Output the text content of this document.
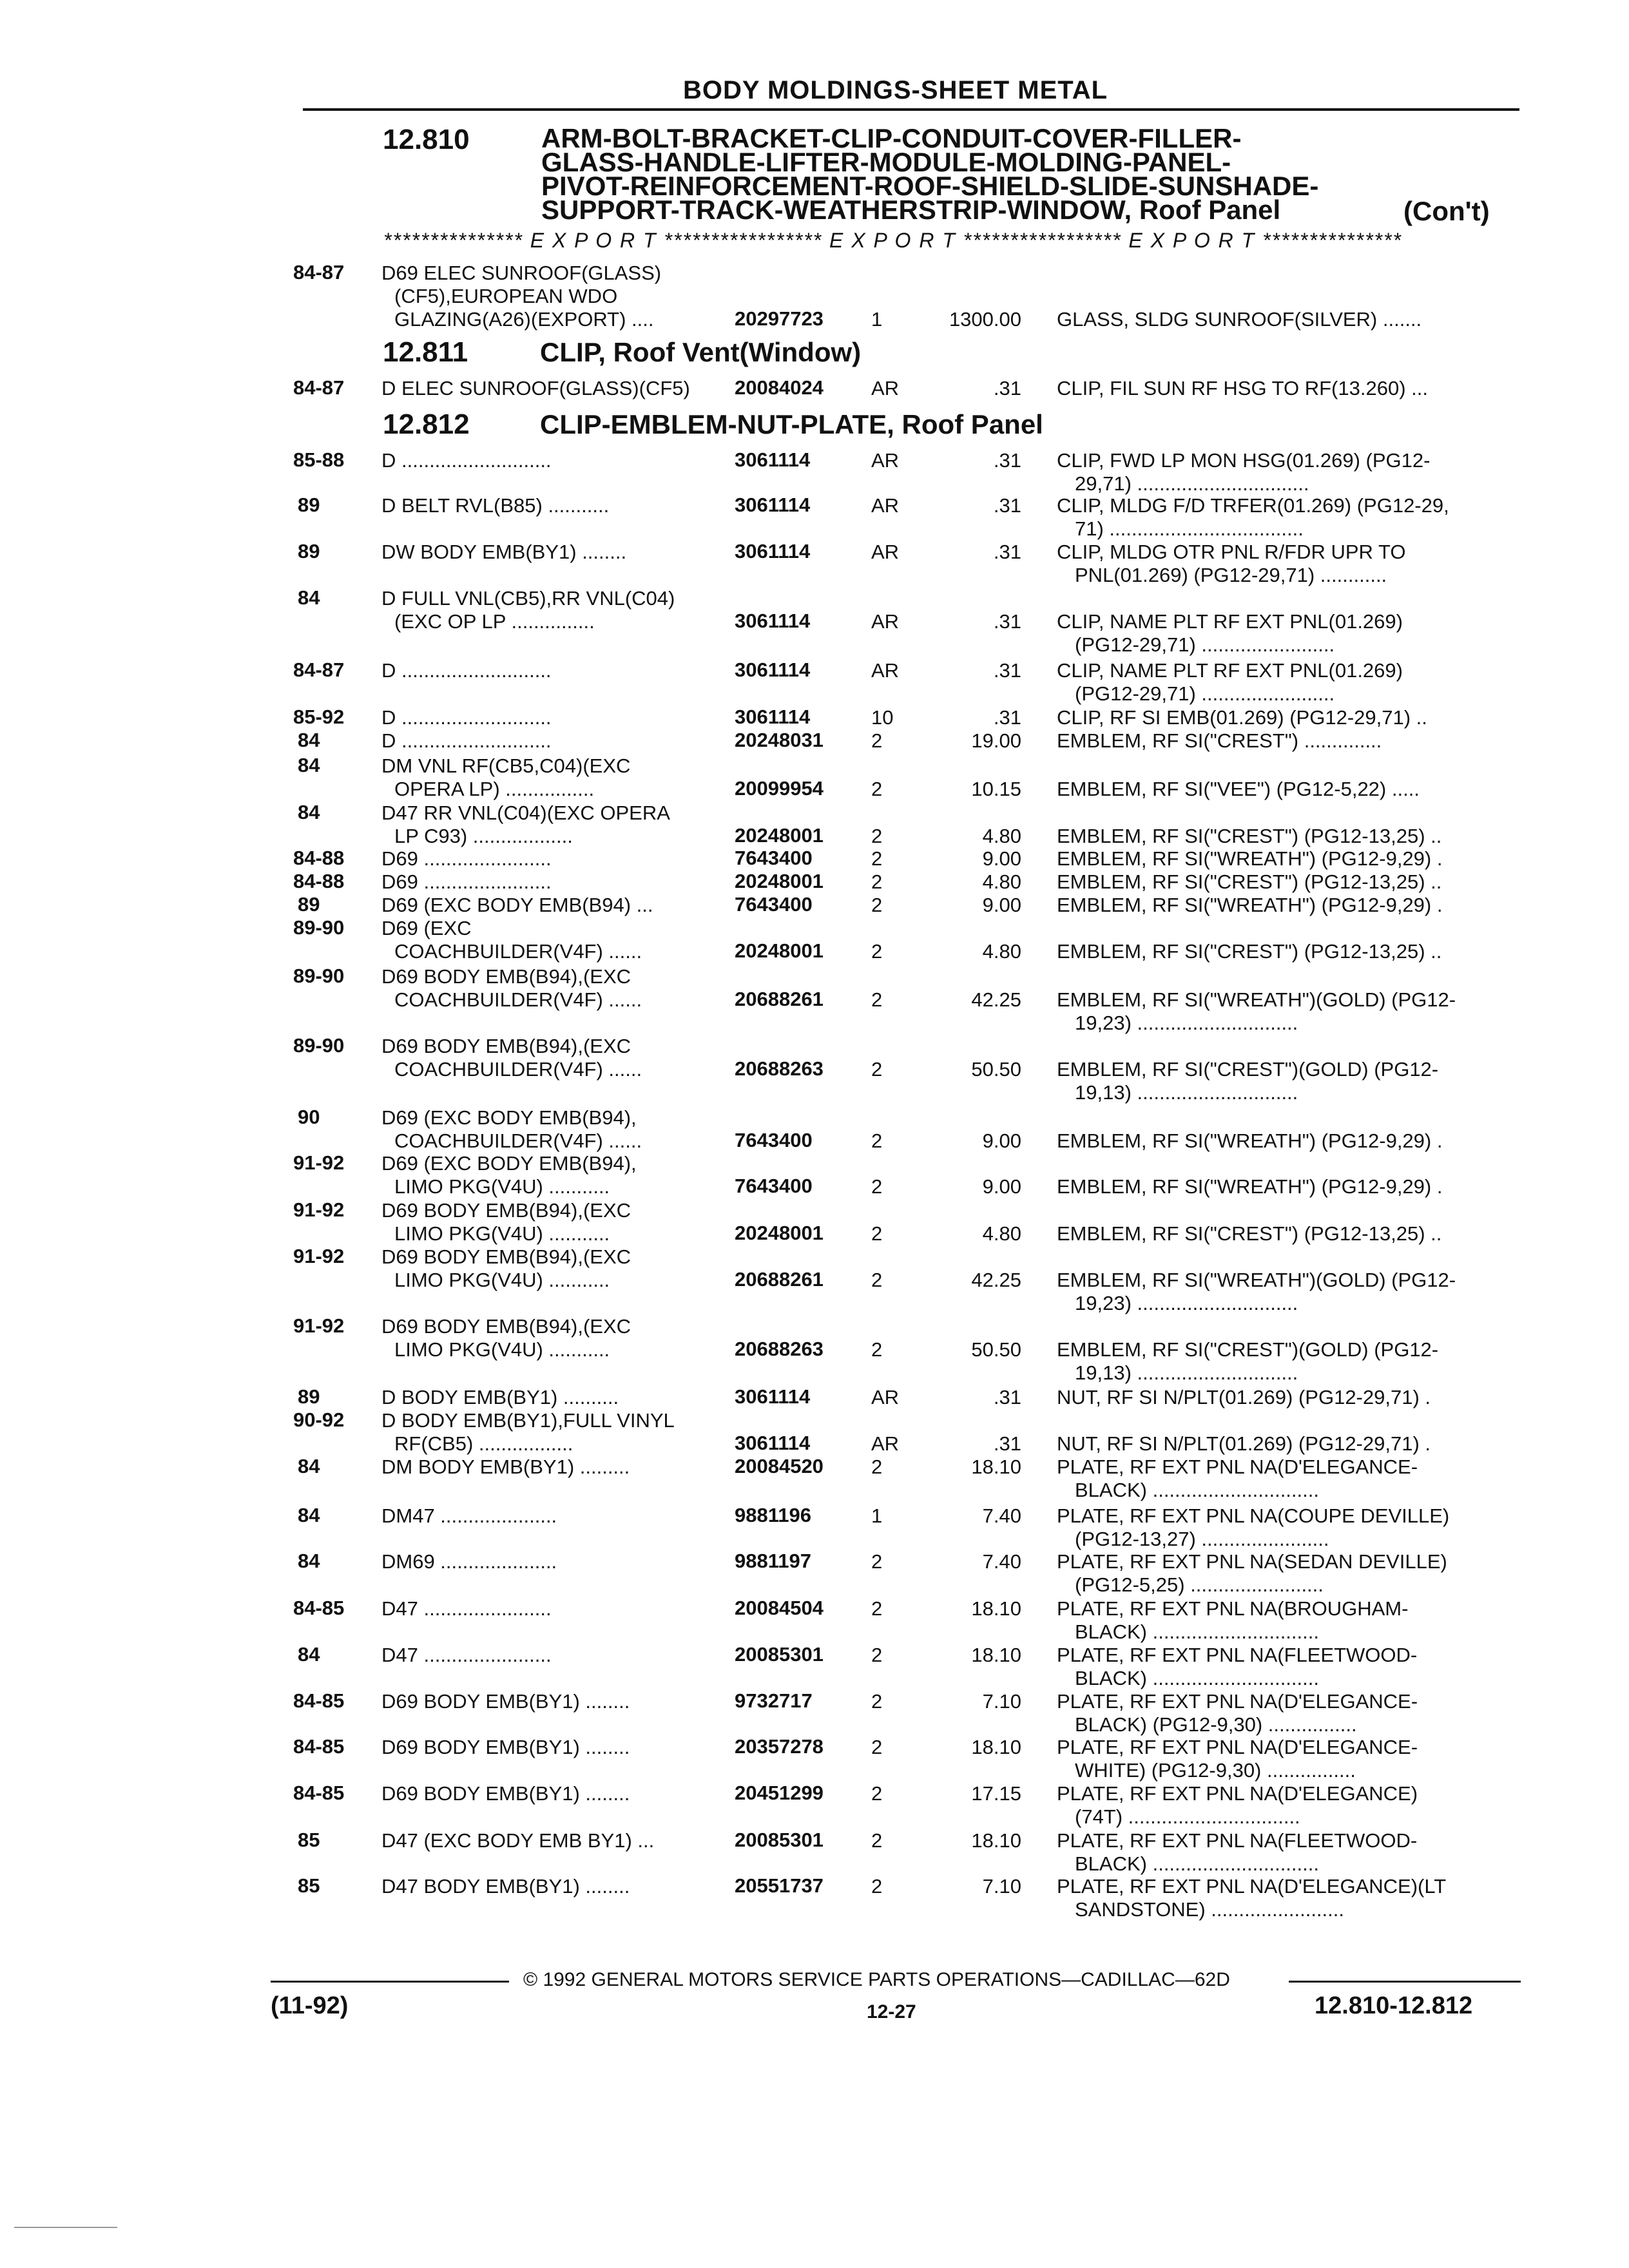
BODY MOLDINGS-SHEET METAL
12.810	ARM-BOLT-BRACKET-CLIP-CONDUIT-COVER-FILLER-
GLASS-HANDLE-LIFTER-MODULE-MOLDING-PANEL-
PIVOT-REINFORCEMENT-ROOF-SHIELD-SLIDE-SUNSHADE-
SUPPORT-TRACK-WEATHERSTRIP-WINDOW, Roof Panel	(Con't)
*************** E X P O R T ***************** E X P O R T ***************** E X P O R T ***************
84-87 D69 ELEC SUNROOF(GLASS)
(CF5),EUROPEAN WDO
GLAZING(A26)(EXPORT) ....	20297723 1	1300.00 GLASS, SLDG SUNROOF(SILVER) .......
84-87 D ELEC SUNROOF(GLASS)(CF5) 20084024 AR	.31 CLIP, FIL SUN RF HSG TO RF(13.260) ...
85-88 D ...........................	3061114	AR	.31 CLIP, FWD LP MON HSG(01.269) (PG12-
29,71) ...............................
89	D BELT RVL(B85) ...........	3061114	AR	.31 CLIP, MLDG F/D TRFER(01.269) (PG12-29,
71) ...................................
89	DW BODY EMB(BY1) ........	3061114	AR	.31 CLIP, MLDG OTR PNL R/FDR UPR TO
PNL(01.269) (PG12-29,71) ............
84	D FULL VNL(CB5),RR VNL(C04)
(EXC OP LP ...............	3061114	AR	.31 CLIP, NAME PLT RF EXT PNL(01.269)
(PG12-29,71) ........................
84-87 D ...........................	3061114	AR	.31 CLIP, NAME PLT RF EXT PNL(01.269)
(PG12-29,71) ........................
85-92 D ...........................	3061114	10	.31 CLIP, RF SI EMB(01.269) (PG12-29,71) ..
84	D ...........................	20248031 2	19.00 EMBLEM, RF SI("CREST") ..............
84	DM VNL RF(CB5,C04)(EXC
OPERA LP) ................	20099954 2	10.15 EMBLEM, RF SI("VEE") (PG12-5,22) .....
84	D47 RR VNL(C04)(EXC OPERA
LP C93) ..................	20248001 2	4.80 EMBLEM, RF SI("CREST") (PG12-13,25) ..
84-88 D69 .......................	7643400	2	9.00 EMBLEM, RF SI("WREATH") (PG12-9,29) .
84-88 D69 .......................	20248001 2	4.80 EMBLEM, RF SI("CREST") (PG12-13,25) ..
89	D69 (EXC BODY EMB(B94) ...	7643400	2	9.00 EMBLEM, RF SI("WREATH") (PG12-9,29) .
89-90 D69 (EXC
COACHBUILDER(V4F) ......	20248001 2	4.80 EMBLEM, RF SI("CREST") (PG12-13,25) ..
89-90 D69 BODY EMB(B94),(EXC
COACHBUILDER(V4F) ......	20688261 2	42.25 EMBLEM, RF SI("WREATH")(GOLD) (PG12-
19,23) .............................
89-90 D69 BODY EMB(B94),(EXC
COACHBUILDER(V4F) ......	20688263 2	50.50 EMBLEM, RF SI("CREST")(GOLD) (PG12-
19,13) .............................
90	D69 (EXC BODY EMB(B94),
COACHBUILDER(V4F) ......	7643400	2	9.00 EMBLEM, RF SI("WREATH") (PG12-9,29) .
91-92 D69 (EXC BODY EMB(B94),
LIMO PKG(V4U) ...........	7643400	2	9.00 EMBLEM, RF SI("WREATH") (PG12-9,29) .
91-92 D69 BODY EMB(B94),(EXC
LIMO PKG(V4U) ...........	20248001 2	4.80 EMBLEM, RF SI("CREST") (PG12-13,25) ..
91-92 D69 BODY EMB(B94),(EXC
LIMO PKG(V4U) ...........	20688261 2	42.25 EMBLEM, RF SI("WREATH")(GOLD) (PG12-
19,23) .............................
91-92 D69 BODY EMB(B94),(EXC
LIMO PKG(V4U) ...........	20688263 2	50.50 EMBLEM, RF SI("CREST")(GOLD) (PG12-
19,13) .............................
89	D BODY EMB(BY1) ..........	3061114	AR	.31 NUT, RF SI N/PLT(01.269) (PG12-29,71) .
90-92 D BODY EMB(BY1),FULL VINYL
RF(CB5) .................	3061114	AR	.31 NUT, RF SI N/PLT(01.269) (PG12-29,71) .
84	DM BODY EMB(BY1) .........	20084520 2	18.10 PLATE, RF EXT PNL NA(D'ELEGANCE-
BLACK) ..............................
84	DM47 .....................	9881196	1	7.40 PLATE, RF EXT PNL NA(COUPE DEVILLE)
(PG12-13,27) .......................
84	DM69 .....................	9881197	2	7.40 PLATE, RF EXT PNL NA(SEDAN DEVILLE)
(PG12-5,25) ........................
84-85 D47 .......................	20084504 2	18.10 PLATE, RF EXT PNL NA(BROUGHAM-
BLACK) ..............................
84	D47 .......................	20085301 2	18.10 PLATE, RF EXT PNL NA(FLEETWOOD-
BLACK) ..............................
84-85 D69 BODY EMB(BY1) ........	9732717	2	7.10 PLATE, RF EXT PNL NA(D'ELEGANCE-
BLACK) (PG12-9,30) ................
84-85 D69 BODY EMB(BY1) ........	20357278 2	18.10 PLATE, RF EXT PNL NA(D'ELEGANCE-
WHITE) (PG12-9,30) ................
84-85 D69 BODY EMB(BY1) ........	20451299 2	17.15 PLATE, RF EXT PNL NA(D'ELEGANCE)
(74T) ...............................
85	D47 (EXC BODY EMB BY1) ...	20085301 2	18.10 PLATE, RF EXT PNL NA(FLEETWOOD-
BLACK) ..............................
85	D47 BODY EMB(BY1) ........	20551737 2	7.10 PLATE, RF EXT PNL NA(D'ELEGANCE)(LT
SANDSTONE) ........................
12.811	CLIP, Roof Vent(Window)
12.812	CLIP-EMBLEM-NUT-PLATE, Roof Panel
© 1992 GENERAL MOTORS SERVICE PARTS OPERATIONS—CADILLAC—62D
(11-92)	12-27	12.810-12.812
